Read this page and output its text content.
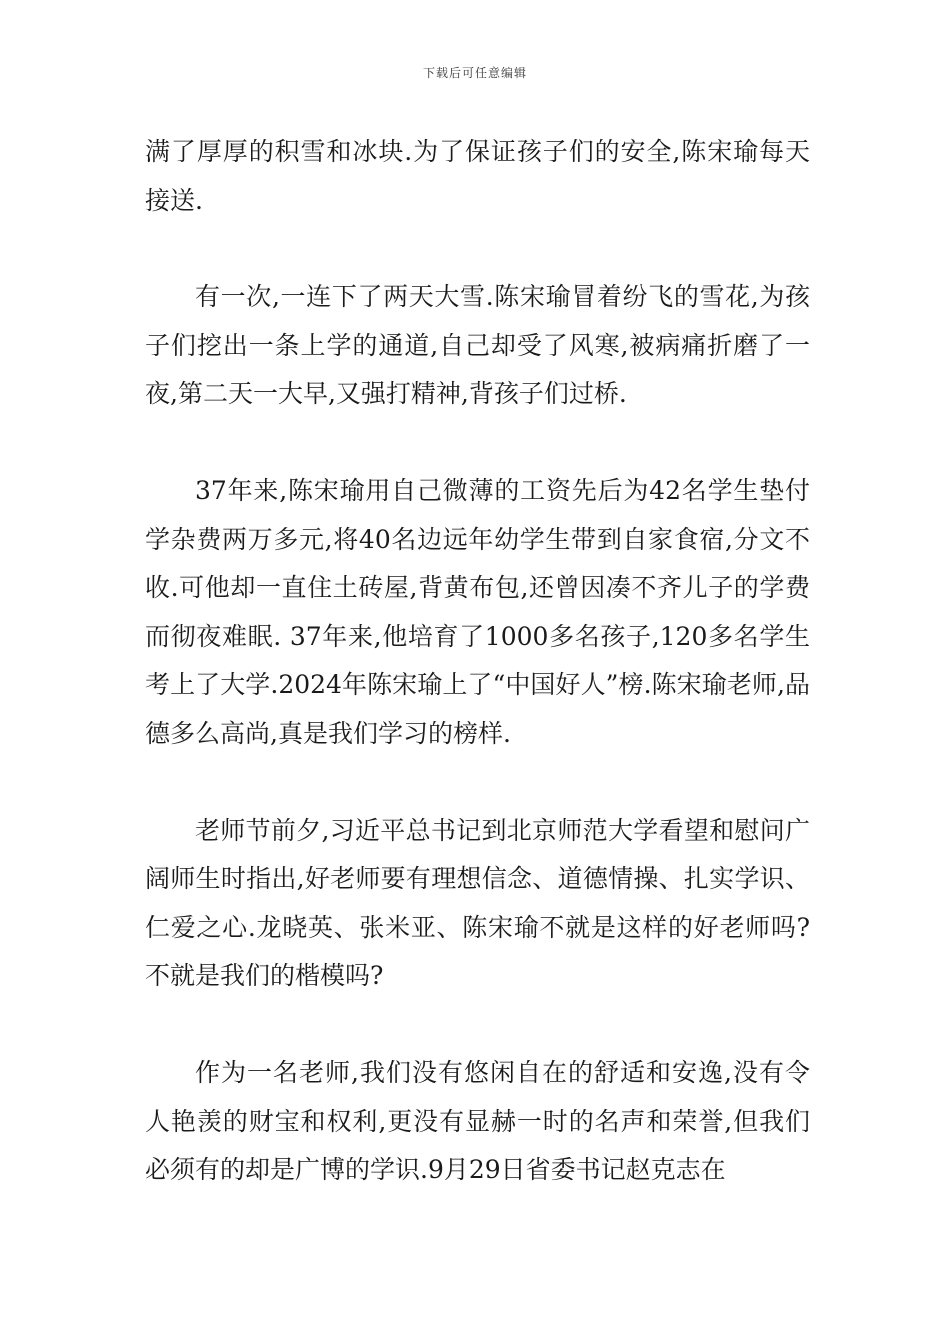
下载后可任意编辑

满了厚厚的积雪和冰块.为了保证孩子们的安全,陈宋瑜每天接送.

有一次,一连下了两天大雪.陈宋瑜冒着纷飞的雪花,为孩子们挖出一条上学的通道,自己却受了风寒,被病痛折磨了一夜,第二天一大早,又强打精神,背孩子们过桥.

37年来,陈宋瑜用自己微薄的工资先后为42名学生垫付学杂费两万多元,将40名边远年幼学生带到自家食宿,分文不收.可他却一直住土砖屋,背黄布包,还曾因凑不齐儿子的学费而彻夜难眠. 37年来,他培育了1000多名孩子,120多名学生考上了大学.2024年陈宋瑜上了“中国好人”榜.陈宋瑜老师,品德多么高尚,真是我们学习的榜样.

老师节前夕,习近平总书记到北京师范大学看望和慰问广阔师生时指出,好老师要有理想信念、道德情操、扎实学识、仁爱之心.龙晓英、张米亚、陈宋瑜不就是这样的好老师吗?不就是我们的楷模吗?

作为一名老师,我们没有悠闲自在的舒适和安逸,没有令人艳羡的财宝和权利,更没有显赫一时的名声和荣誉,但我们必须有的却是广博的学识.9月29日省委书记赵克志在
